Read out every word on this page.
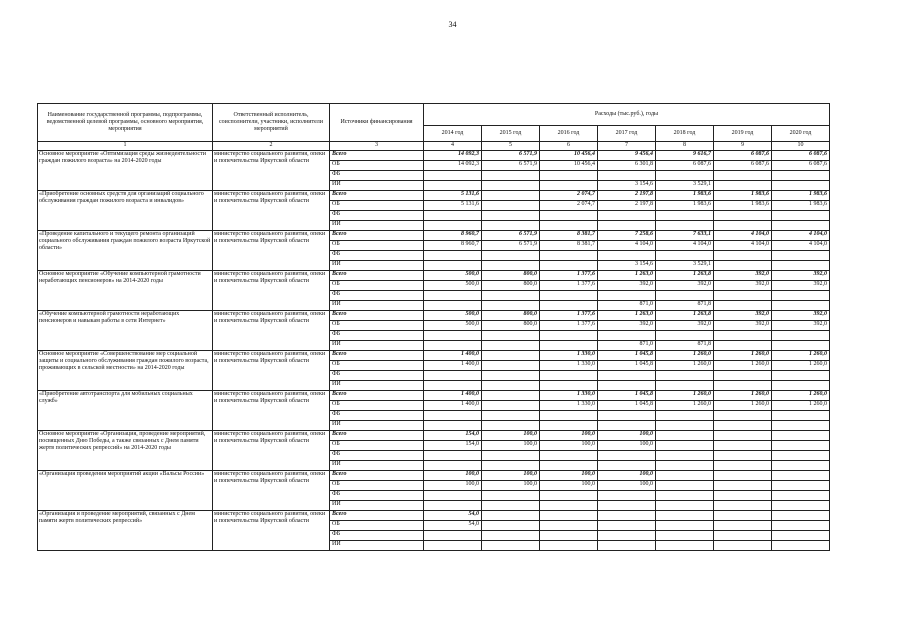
34
Наименование государственной программы, подпрограммы, ведомственной целевой программы, основного мероприятия, мероприятия	Ответственный исполнитель, соисполнители, участники, исполнители мероприятий	Источники финансирования	Расходы (тыс.руб.), годы						
			2014 год	2015 год	2016 год	2017 год	2018 год	2019 год	2020 год
1	2	3	4	5	6	7	8	9	10
Основное мероприятие «Оптимизация среды жизнедеятельности граждан пожилого возраста» на 2014-2020 годы	министерство социального развития, опеки и попечительства Иркутской области	Всего	14 092,3	6 571,9	10 456,4	9 456,4	9 616,7	6 087,6	6 087,6
		ОБ	14 092,3	6 571,9	10 456,4	6 301,8	6 087,6	6 087,6	6 087,6
		ФБ							
		ИИ				3 154,6	3 529,1		
«Приобретение основных средств для организаций социального обслуживания граждан пожилого возраста и инвалидов»	министерство социального развития, опеки и попечительства Иркутской области	Всего	5 131,6		2 074,7	2 197,8	1 983,6	1 983,6	1 983,6
		ОБ	5 131,6		2 074,7	2 197,8	1 983,6	1 983,6	1 983,6
		ФБ							
		ИИ							
«Проведение капитального и текущего ремонта организаций социального обслуживания граждан пожилого возраста Иркутской области»	министерство социального развития, опеки и попечительства Иркутской области	Всего	8 960,7	6 571,9	8 381,7	7 258,6	7 633,1	4 104,0	4 104,0
		ОБ	8 960,7	6 571,9	8 381,7	4 104,0	4 104,0	4 104,0	4 104,0
		ФБ							
		ИИ				3 154,6	3 529,1		
Основное мероприятие «Обучение компьютерной грамотности неработающих пенсионеров» на 2014-2020 годы	министерство социального развития, опеки и попечительства Иркутской области	Всего	500,0	800,0	1 377,6	1 263,0	1 263,8	392,0	392,0
		ОБ	500,0	800,0	1 377,6	392,0	392,0	392,0	392,0
		ФБ							
		ИИ				871,0	871,8		
«Обучение компьютерной грамотности неработающих пенсионеров и навыкам работы в сети Интернет»	министерство социального развития, опеки и попечительства Иркутской области	Всего	500,0	800,0	1 377,6	1 263,0	1 263,8	392,0	392,0
		ОБ	500,0	800,0	1 377,6	392,0	392,0	392,0	392,0
		ФБ							
		ИИ				871,0	871,8		
Основное мероприятие «Совершенствование мер социальной защиты и социального обслуживания граждан пожилого возраста, проживающих в сельской местности» на 2014-2020 годы	министерство социального развития, опеки и попечительства Иркутской области	Всего	1 400,0		1 330,0	1 045,8	1 260,0	1 260,0	1 260,0
		ОБ	1 400,0		1 330,0	1 045,8	1 260,0	1 260,0	1 260,0
		ФБ							
		ИИ							
«Приобретение автотранспорта для мобильных социальных служб»	министерство социального развития, опеки и попечительства Иркутской области	Всего	1 400,0		1 330,0	1 045,8	1 260,0	1 260,0	1 260,0
		ОБ	1 400,0		1 330,0	1 045,8	1 260,0	1 260,0	1 260,0
		ФБ							
		ИИ							
Основное мероприятие «Организация, проведение мероприятий, посвященных Дню Победы, а также связанных с Днем памяти жертв политических репрессий» на 2014-2020 годы	министерство социального развития, опеки и попечительства Иркутской области	Всего	154,0	100,0	100,0	100,0			
		ОБ	154,0	100,0	100,0	100,0			
		ФБ							
		ИИ							
«Организация проведения мероприятий акции «Вальсы России»	министерство социального развития, опеки и попечительства Иркутской области	Всего	100,0	100,0	100,0	100,0			
		ОБ	100,0	100,0	100,0	100,0			
		ФБ							
		ИИ							
«Организация и проведение мероприятий, связанных с Днем памяти жертв политических репрессий»	министерство социального развития, опеки и попечительства Иркутской области	Всего	54,0						
		ОБ	54,0						
		ФБ							
		ИИ							
